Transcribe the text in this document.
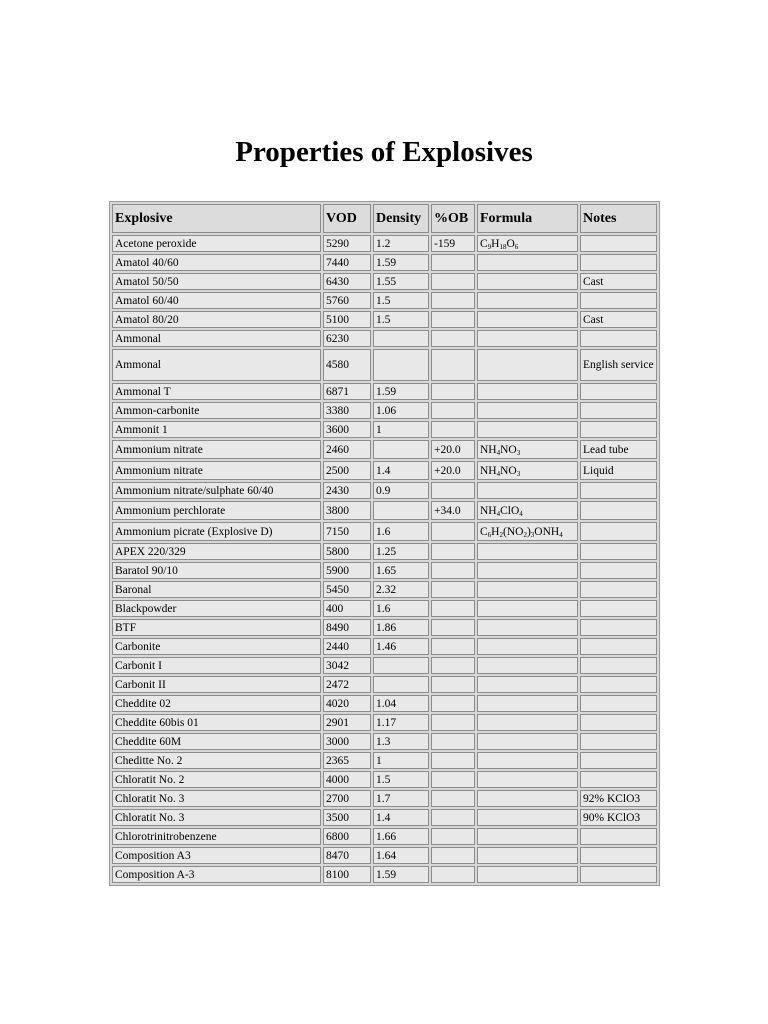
Properties of Explosives
Explosive	VOD	Density	%OB	Formula	Notes
Acetone peroxide	5290	1.2	-159	$C_9H_{18}O_6$	
Amatol 40/60	7440	1.59			
Amatol 50/50	6430	1.55			Cast
Amatol 60/40	5760	1.5			
Amatol 80/20	5100	1.5			Cast
Ammonal	6230				
Ammonal	4580				English service
Ammonal T	6871	1.59			
Ammon-carbonite	3380	1.06			
Ammonit 1	3600	1			
Ammonium nitrate	2460		+20.0	$NH_4NO_3$	Lead tube
Ammonium nitrate	2500	1.4	+20.0	$NH_4NO_3$	Liquid
Ammonium nitrate/sulphate 60/40	2430	0.9			
Ammonium perchlorate	3800		+34.0	$NH_4ClO_4$	
Ammonium picrate (Explosive D)	7150	1.6		$C_6H_2(NO_2)_3ONH_4$	
APEX 220/329	5800	1.25			
Baratol 90/10	5900	1.65			
Baronal	5450	2.32			
Blackpowder	400	1.6			
BTF	8490	1.86			
Carbonite	2440	1.46			
Carbonit I	3042				
Carbonit II	2472				
Cheddite 02	4020	1.04			
Cheddite 60bis 01	2901	1.17			
Cheddite 60M	3000	1.3			
Cheditte No. 2	2365	1			
Chloratit No. 2	4000	1.5			
Chloratit No. 3	2700	1.7			92% KClO3
Chloratit No. 3	3500	1.4			90% KClO3
Chlorotrinitrobenzene	6800	1.66			
Composition A3	8470	1.64			
Composition A-3	8100	1.59			
